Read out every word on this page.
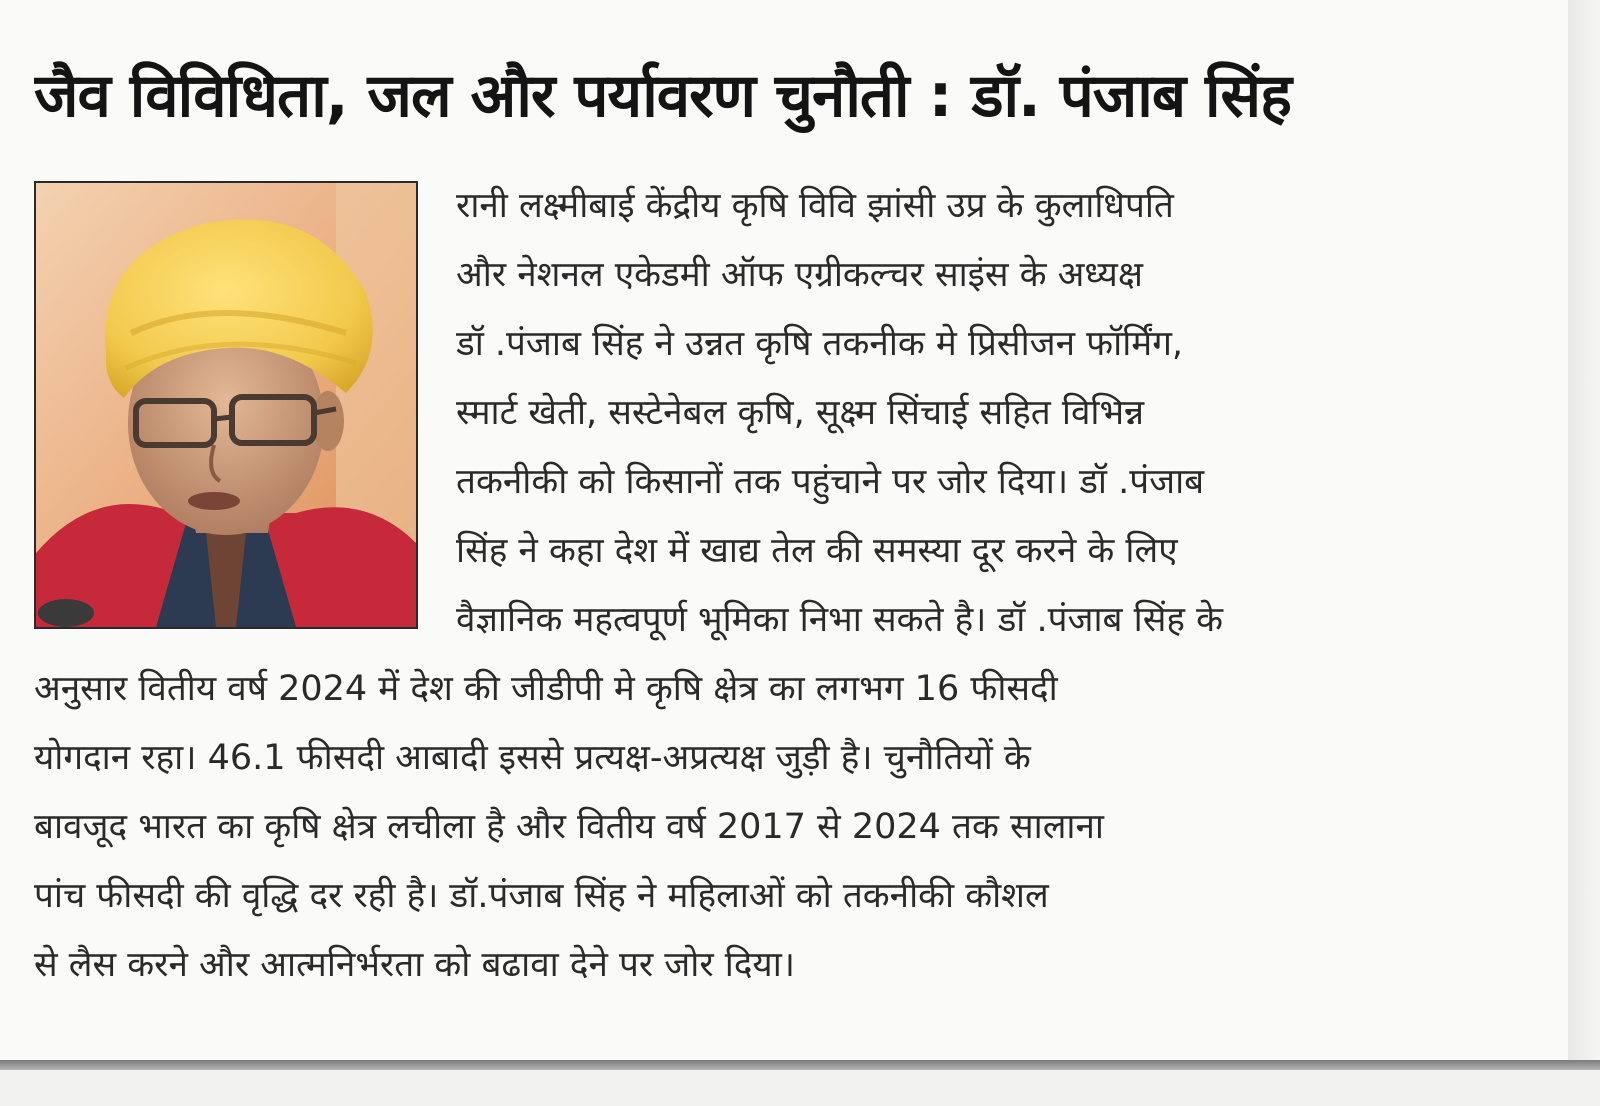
जैव विविधिता, जल और पर्यावरण चुनौती : डॉ. पंजाब सिंह
रानी लक्ष्मीबाई केंद्रीय कृषि विवि झांसी उप्र के कुलाधिपति
और नेशनल एकेडमी ऑफ एग्रीकल्चर साइंस के अध्यक्ष
डॉ .पंजाब सिंह ने उन्नत कृषि तकनीक मे प्रिसीजन फॉर्मिंग,
स्मार्ट खेती, सस्टेनेबल कृषि, सूक्ष्म सिंचाई सहित विभिन्न
तकनीकी को किसानों तक पहुंचाने पर जोर दिया। डॉ .पंजाब
सिंह ने कहा देश में खाद्य तेल की समस्या दूर करने के लिए
वैज्ञानिक महत्वपूर्ण भूमिका निभा सकते है। डॉ .पंजाब सिंह के
अनुसार वितीय वर्ष 2024 में देश की जीडीपी मे कृषि क्षेत्र का लगभग 16 फीसदी
योगदान रहा। 46.1 फीसदी आबादी इससे प्रत्यक्ष-अप्रत्यक्ष जुड़ी है। चुनौतियों के
बावजूद भारत का कृषि क्षेत्र लचीला है और वितीय वर्ष 2017 से 2024 तक सालाना
पांच फीसदी की वृद्धि दर रही है। डॉ.पंजाब सिंह ने महिलाओं को तकनीकी कौशल
से लैस करने और आत्मनिर्भरता को बढावा देने पर जोर दिया।
